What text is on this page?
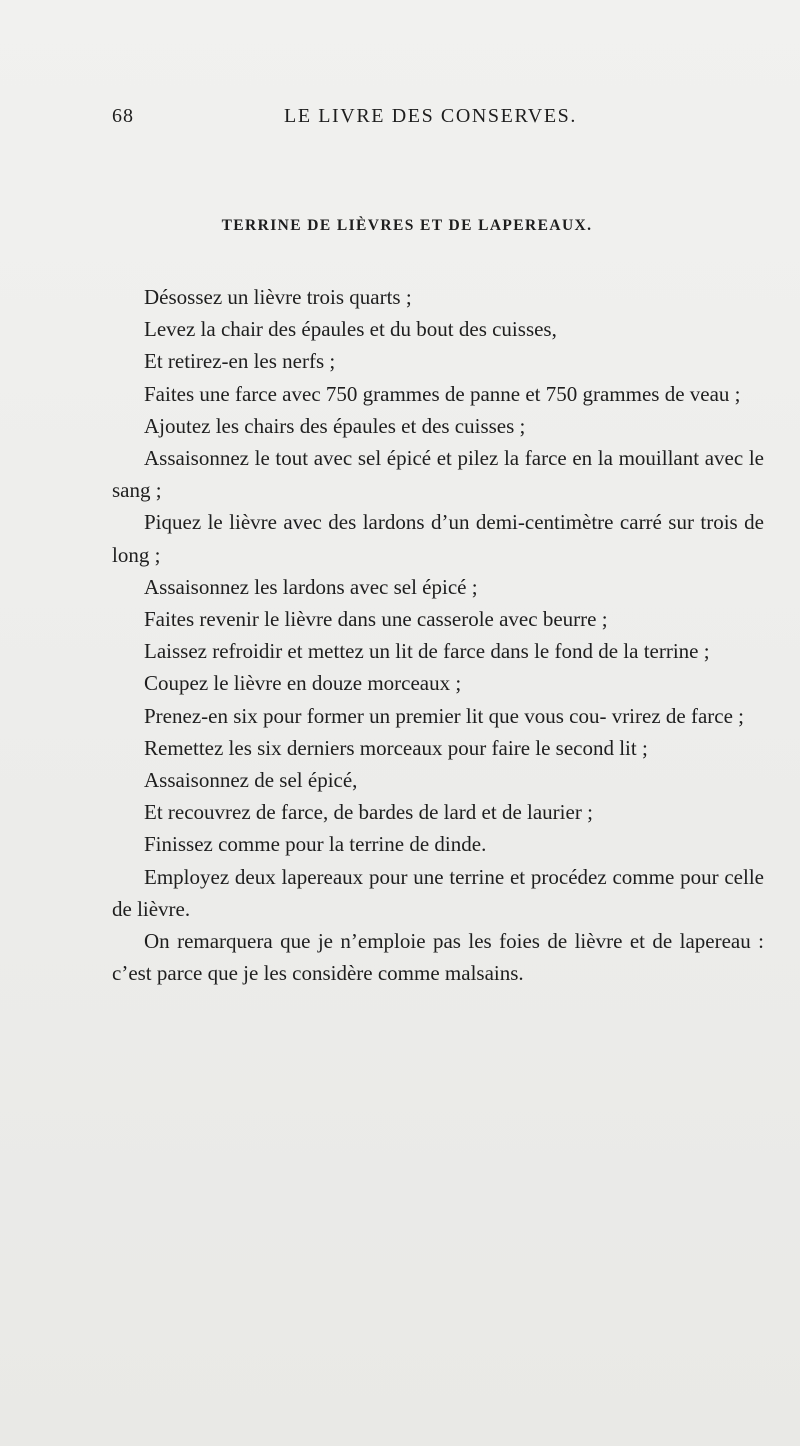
68	LE LIVRE DES CONSERVES.
TERRINE DE LIÈVRES ET DE LAPEREAUX.

Désossez un lièvre trois quarts ;

Levez la chair des épaules et du bout des cuisses,

Et retirez-en les nerfs ;

Faites une farce avec 750 grammes de panne et 750 grammes de veau ;

Ajoutez les chairs des épaules et des cuisses ;

Assaisonnez le tout avec sel épicé et pilez la farce en la mouillant avec le sang ;

Piquez le lièvre avec des lardons d’un demi-centimètre carré sur trois de long ;

Assaisonnez les lardons avec sel épicé ;

Faites revenir le lièvre dans une casserole avec beurre ;

Laissez refroidir et mettez un lit de farce dans le fond de la terrine ;

Coupez le lièvre en douze morceaux ;

Prenez-en six pour former un premier lit que vous cou- vrirez de farce ;

Remettez les six derniers morceaux pour faire le second lit ;

Assaisonnez de sel épicé,

Et recouvrez de farce, de bardes de lard et de laurier ;

Finissez comme pour la terrine de dinde.

Employez deux lapereaux pour une terrine et procédez comme pour celle de lièvre.

On remarquera que je n’emploie pas les foies de lièvre et de lapereau : c’est parce que je les considère comme malsains.
